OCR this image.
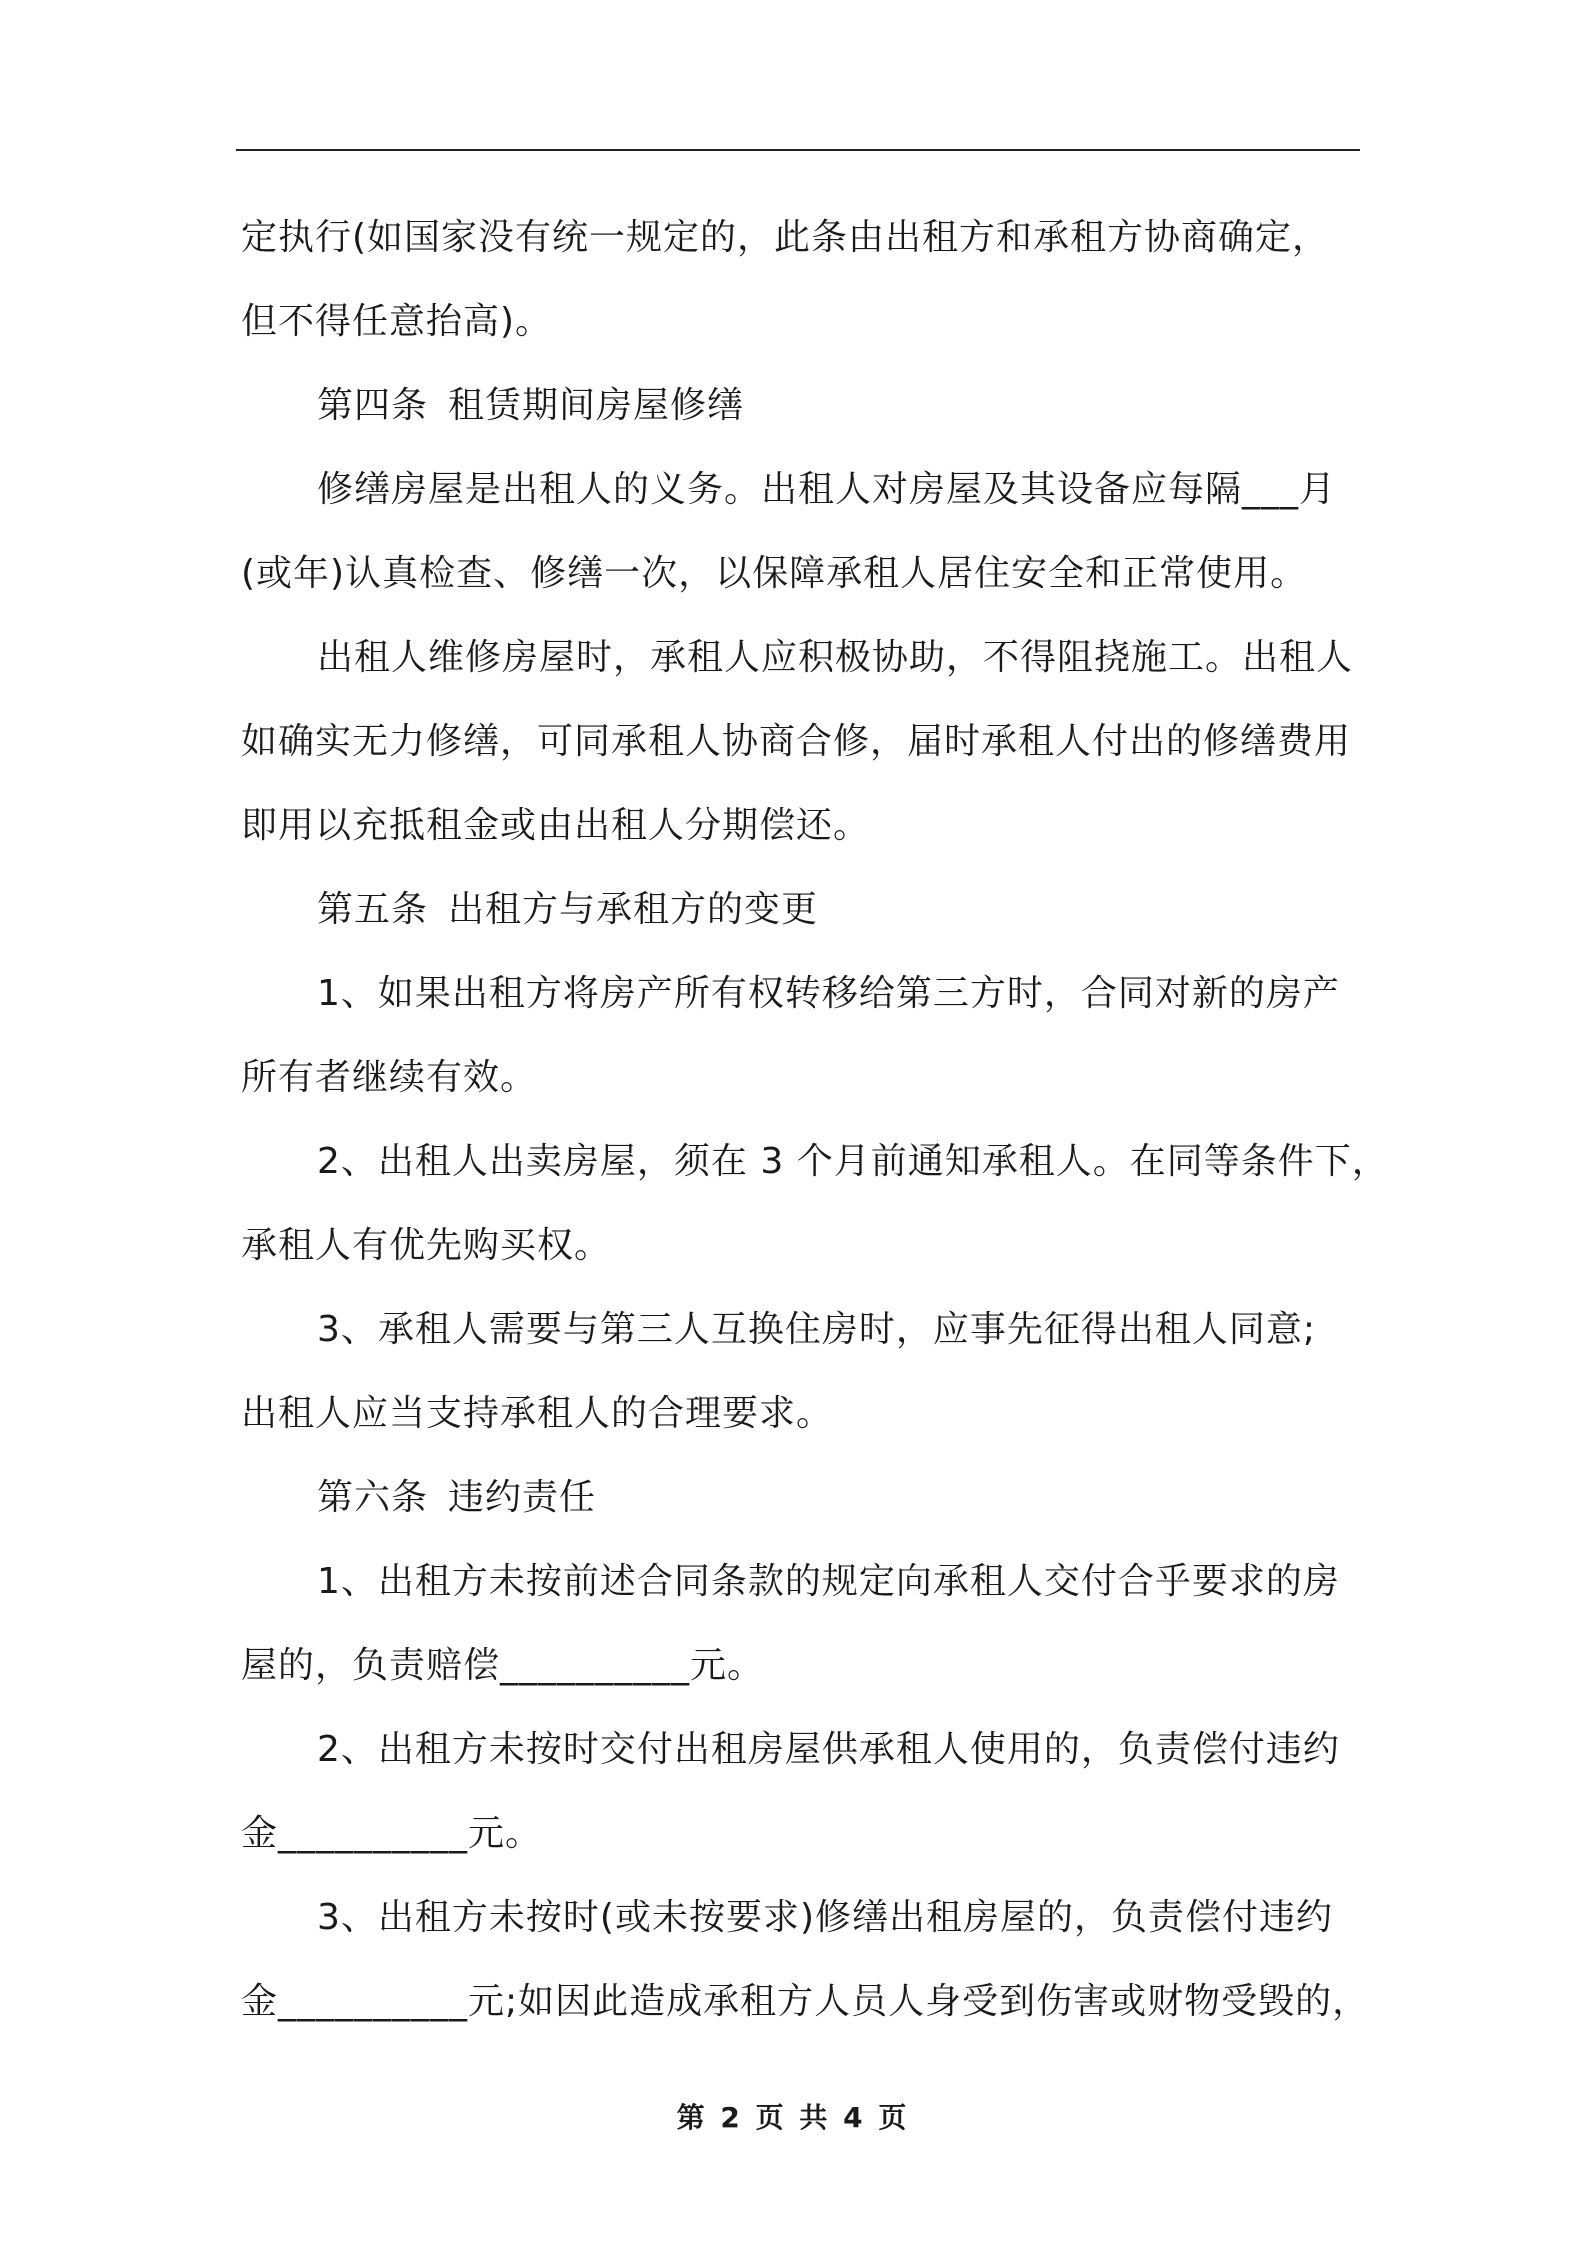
定执行(如国家没有统一规定的，此条由出租方和承租方协商确定，
但不得任意抬高)。
第四条 租赁期间房屋修缮
修缮房屋是出租人的义务。出租人对房屋及其设备应每隔___月
(或年)认真检查、修缮一次，以保障承租人居住安全和正常使用。
出租人维修房屋时，承租人应积极协助，不得阻挠施工。出租人
如确实无力修缮，可同承租人协商合修，届时承租人付出的修缮费用
即用以充抵租金或由出租人分期偿还。
第五条 出租方与承租方的变更
1、如果出租方将房产所有权转移给第三方时，合同对新的房产
所有者继续有效。
2、出租人出卖房屋，须在 3 个月前通知承租人。在同等条件下，
承租人有优先购买权。
3、承租人需要与第三人互换住房时，应事先征得出租人同意;
出租人应当支持承租人的合理要求。
第六条 违约责任
1、出租方未按前述合同条款的规定向承租人交付合乎要求的房
屋的，负责赔偿__________元。
2、出租方未按时交付出租房屋供承租人使用的，负责偿付违约
金__________元。
3、出租方未按时(或未按要求)修缮出租房屋的，负责偿付违约
金__________元;如因此造成承租方人员人身受到伤害或财物受毁的，
第 2 页 共 4 页
